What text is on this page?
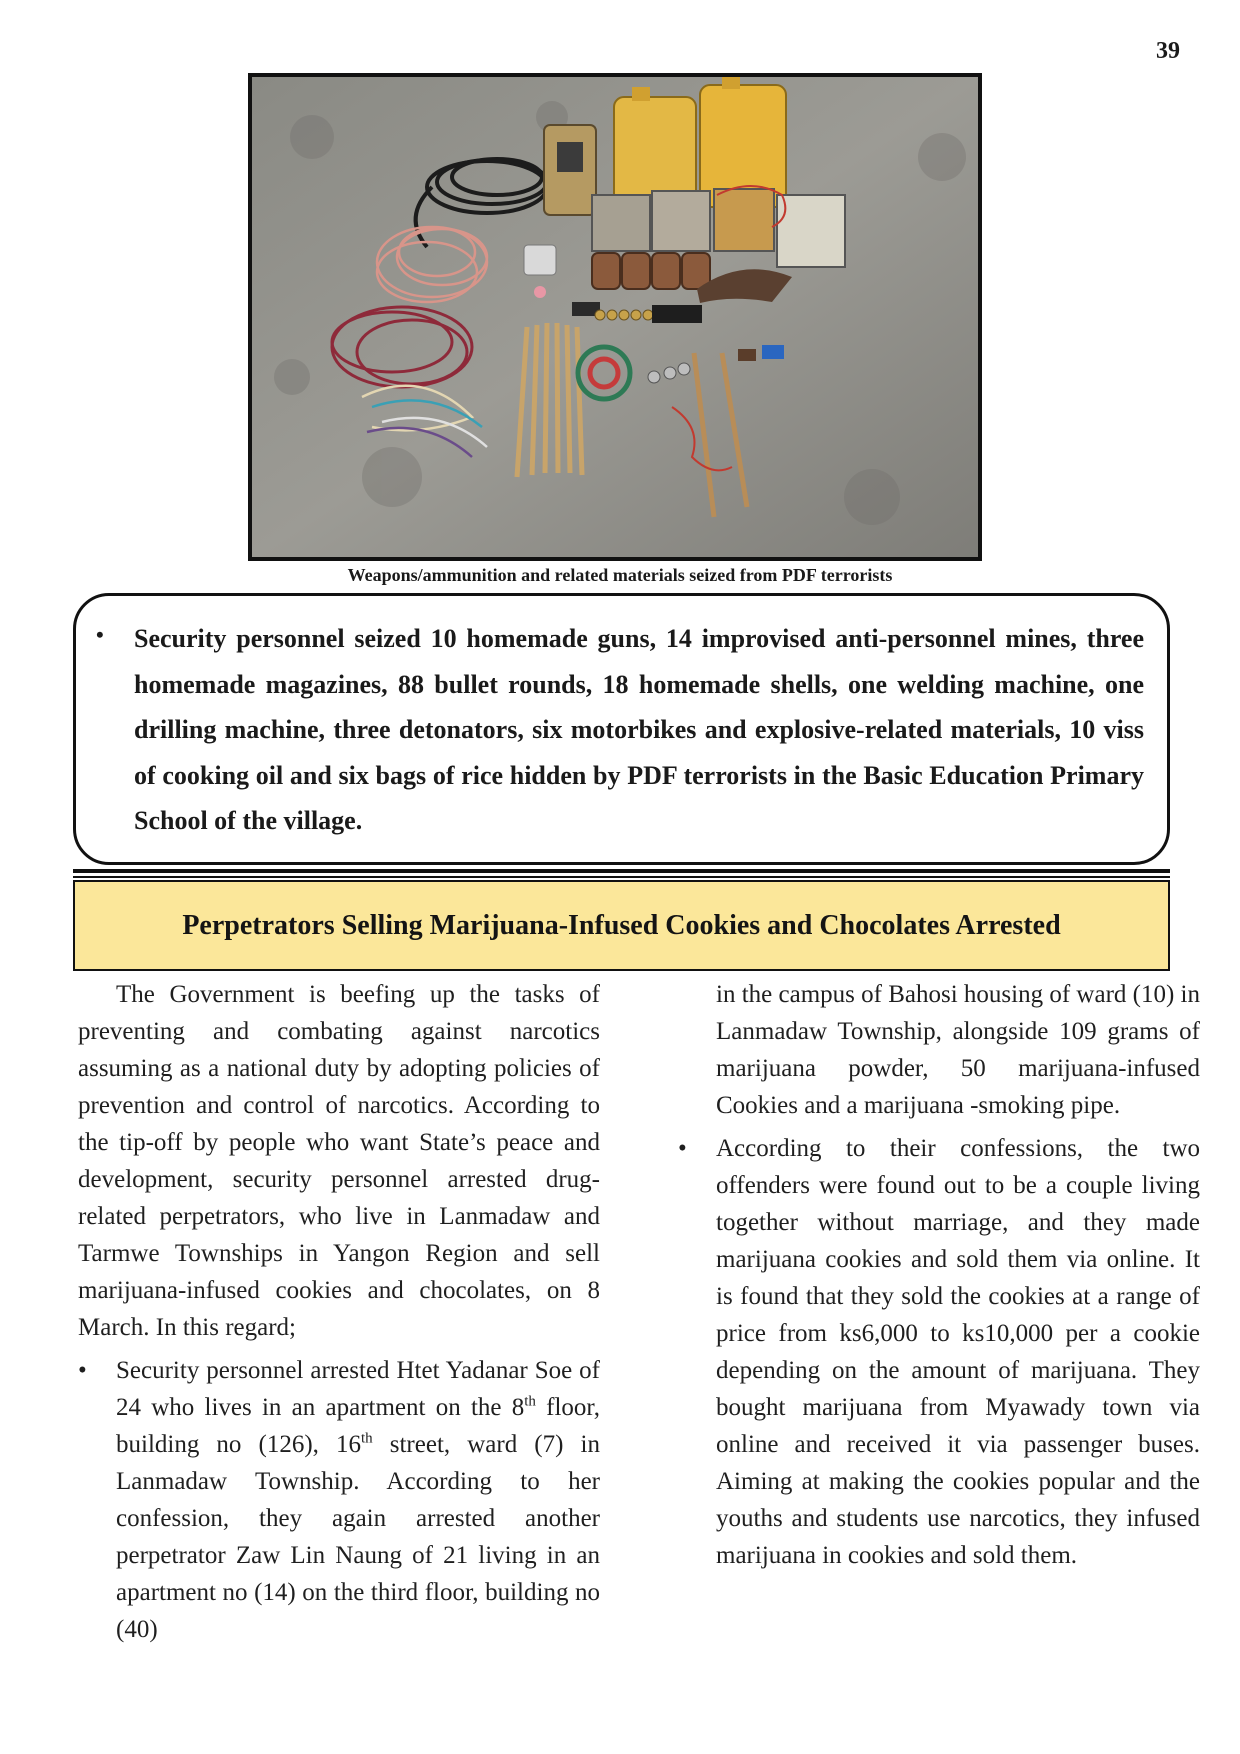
39
Weapons/ammunition and related materials seized from PDF terrorists
• Security personnel seized 10 homemade guns, 14 improvised anti-personnel mines, three homemade magazines, 88 bullet rounds, 18 homemade shells, one welding machine, one drilling machine, three detonators, six motorbikes and explosive-related materials, 10 viss of cooking oil and six bags of rice hidden by PDF terrorists in the Basic Education Primary School of the village.

Perpetrators Selling Marijuana-Infused Cookies and Chocolates Arrested

The Government is beefing up the tasks of preventing and combating against narcotics assuming as a national duty by adopting policies of prevention and control of narcotics. According to the tip-off by people who want State’s peace and development, security personnel arrested drug-related perpetrators, who live in Lanmadaw and Tarmwe Townships in Yangon Region and sell marijuana-infused cookies and chocolates, on 8 March. In this regard;

• Security personnel arrested Htet Yadanar Soe of 24 who lives in an apartment on the 8th floor, building no (126), 16th street, ward (7) in Lanmadaw Township. According to her confession, they again arrested another perpetrator Zaw Lin Naung of 21 living in an apartment no (14) on the third floor, building no (40)

in the campus of Bahosi housing of ward (10) in Lanmadaw Township, alongside 109 grams of marijuana powder, 50 marijuana-infused Cookies and a marijuana -smoking pipe.

• According to their confessions, the two offenders were found out to be a couple living together without marriage, and they made marijuana cookies and sold them via online. It is found that they sold the cookies at a range of price from ks6,000 to ks10,000 per a cookie depending on the amount of marijuana. They bought marijuana from Myawady town via online and received it via passenger buses. Aiming at making the cookies popular and the youths and students use narcotics, they infused marijuana in cookies and sold them.
